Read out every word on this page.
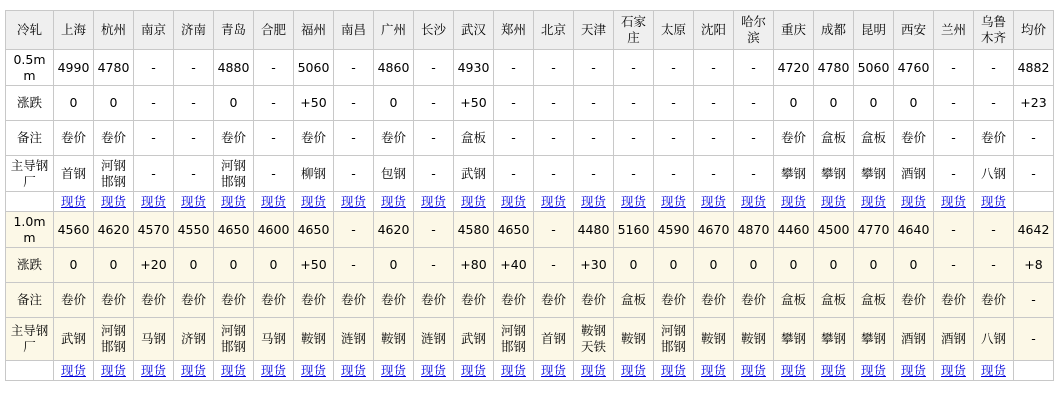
冷轧	上海	杭州	南京	济南	青岛	合肥	福州	南昌	广州	长沙	武汉	郑州	北京	天津	石家庄	太原	沈阳	哈尔滨	重庆	成都	昆明	西安	兰州	乌鲁木齐	均价
0.5mm	4990	4780	-	-	4880	-	5060	-	4860	-	4930	-	-	-	-	-	-	-	4720	4780	5060	4760	-	-	4882
涨跌	0	0	-	-	0	-	+50	-	0	-	+50	-	-	-	-	-	-	-	0	0	0	0	-	-	+23
备注	卷价	卷价	-	-	卷价	-	卷价	-	卷价	-	盒板	-	-	-	-	-	-	-	卷价	盒板	盒板	卷价	-	卷价	-
主导钢厂	首钢	河钢邯钢	-	-	河钢邯钢	-	柳钢	-	包钢	-	武钢	-	-	-	-	-	-	-	攀钢	攀钢	攀钢	酒钢	-	八钢	-
	现货	现货	现货	现货	现货	现货	现货	现货	现货	现货	现货	现货	现货	现货	现货	现货	现货	现货	现货	现货	现货	现货	现货	现货	
1.0mm	4560	4620	4570	4550	4650	4600	4650	-	4620	-	4580	4650	-	4480	5160	4590	4670	4870	4460	4500	4770	4640	-	-	4642
涨跌	0	0	+20	0	0	0	+50	-	0	-	+80	+40	-	+30	0	0	0	0	0	0	0	0	-	-	+8
备注	卷价	卷价	卷价	卷价	卷价	卷价	卷价	卷价	卷价	卷价	卷价	卷价	卷价	卷价	盒板	卷价	卷价	卷价	盒板	盒板	盒板	卷价	卷价	卷价	-
主导钢厂	武钢	河钢邯钢	马钢	济钢	河钢邯钢	马钢	鞍钢	涟钢	鞍钢	涟钢	武钢	河钢邯钢	首钢	鞍钢天铁	鞍钢	河钢邯钢	鞍钢	鞍钢	攀钢	攀钢	攀钢	酒钢	酒钢	八钢	-
	现货	现货	现货	现货	现货	现货	现货	现货	现货	现货	现货	现货	现货	现货	现货	现货	现货	现货	现货	现货	现货	现货	现货	现货	
